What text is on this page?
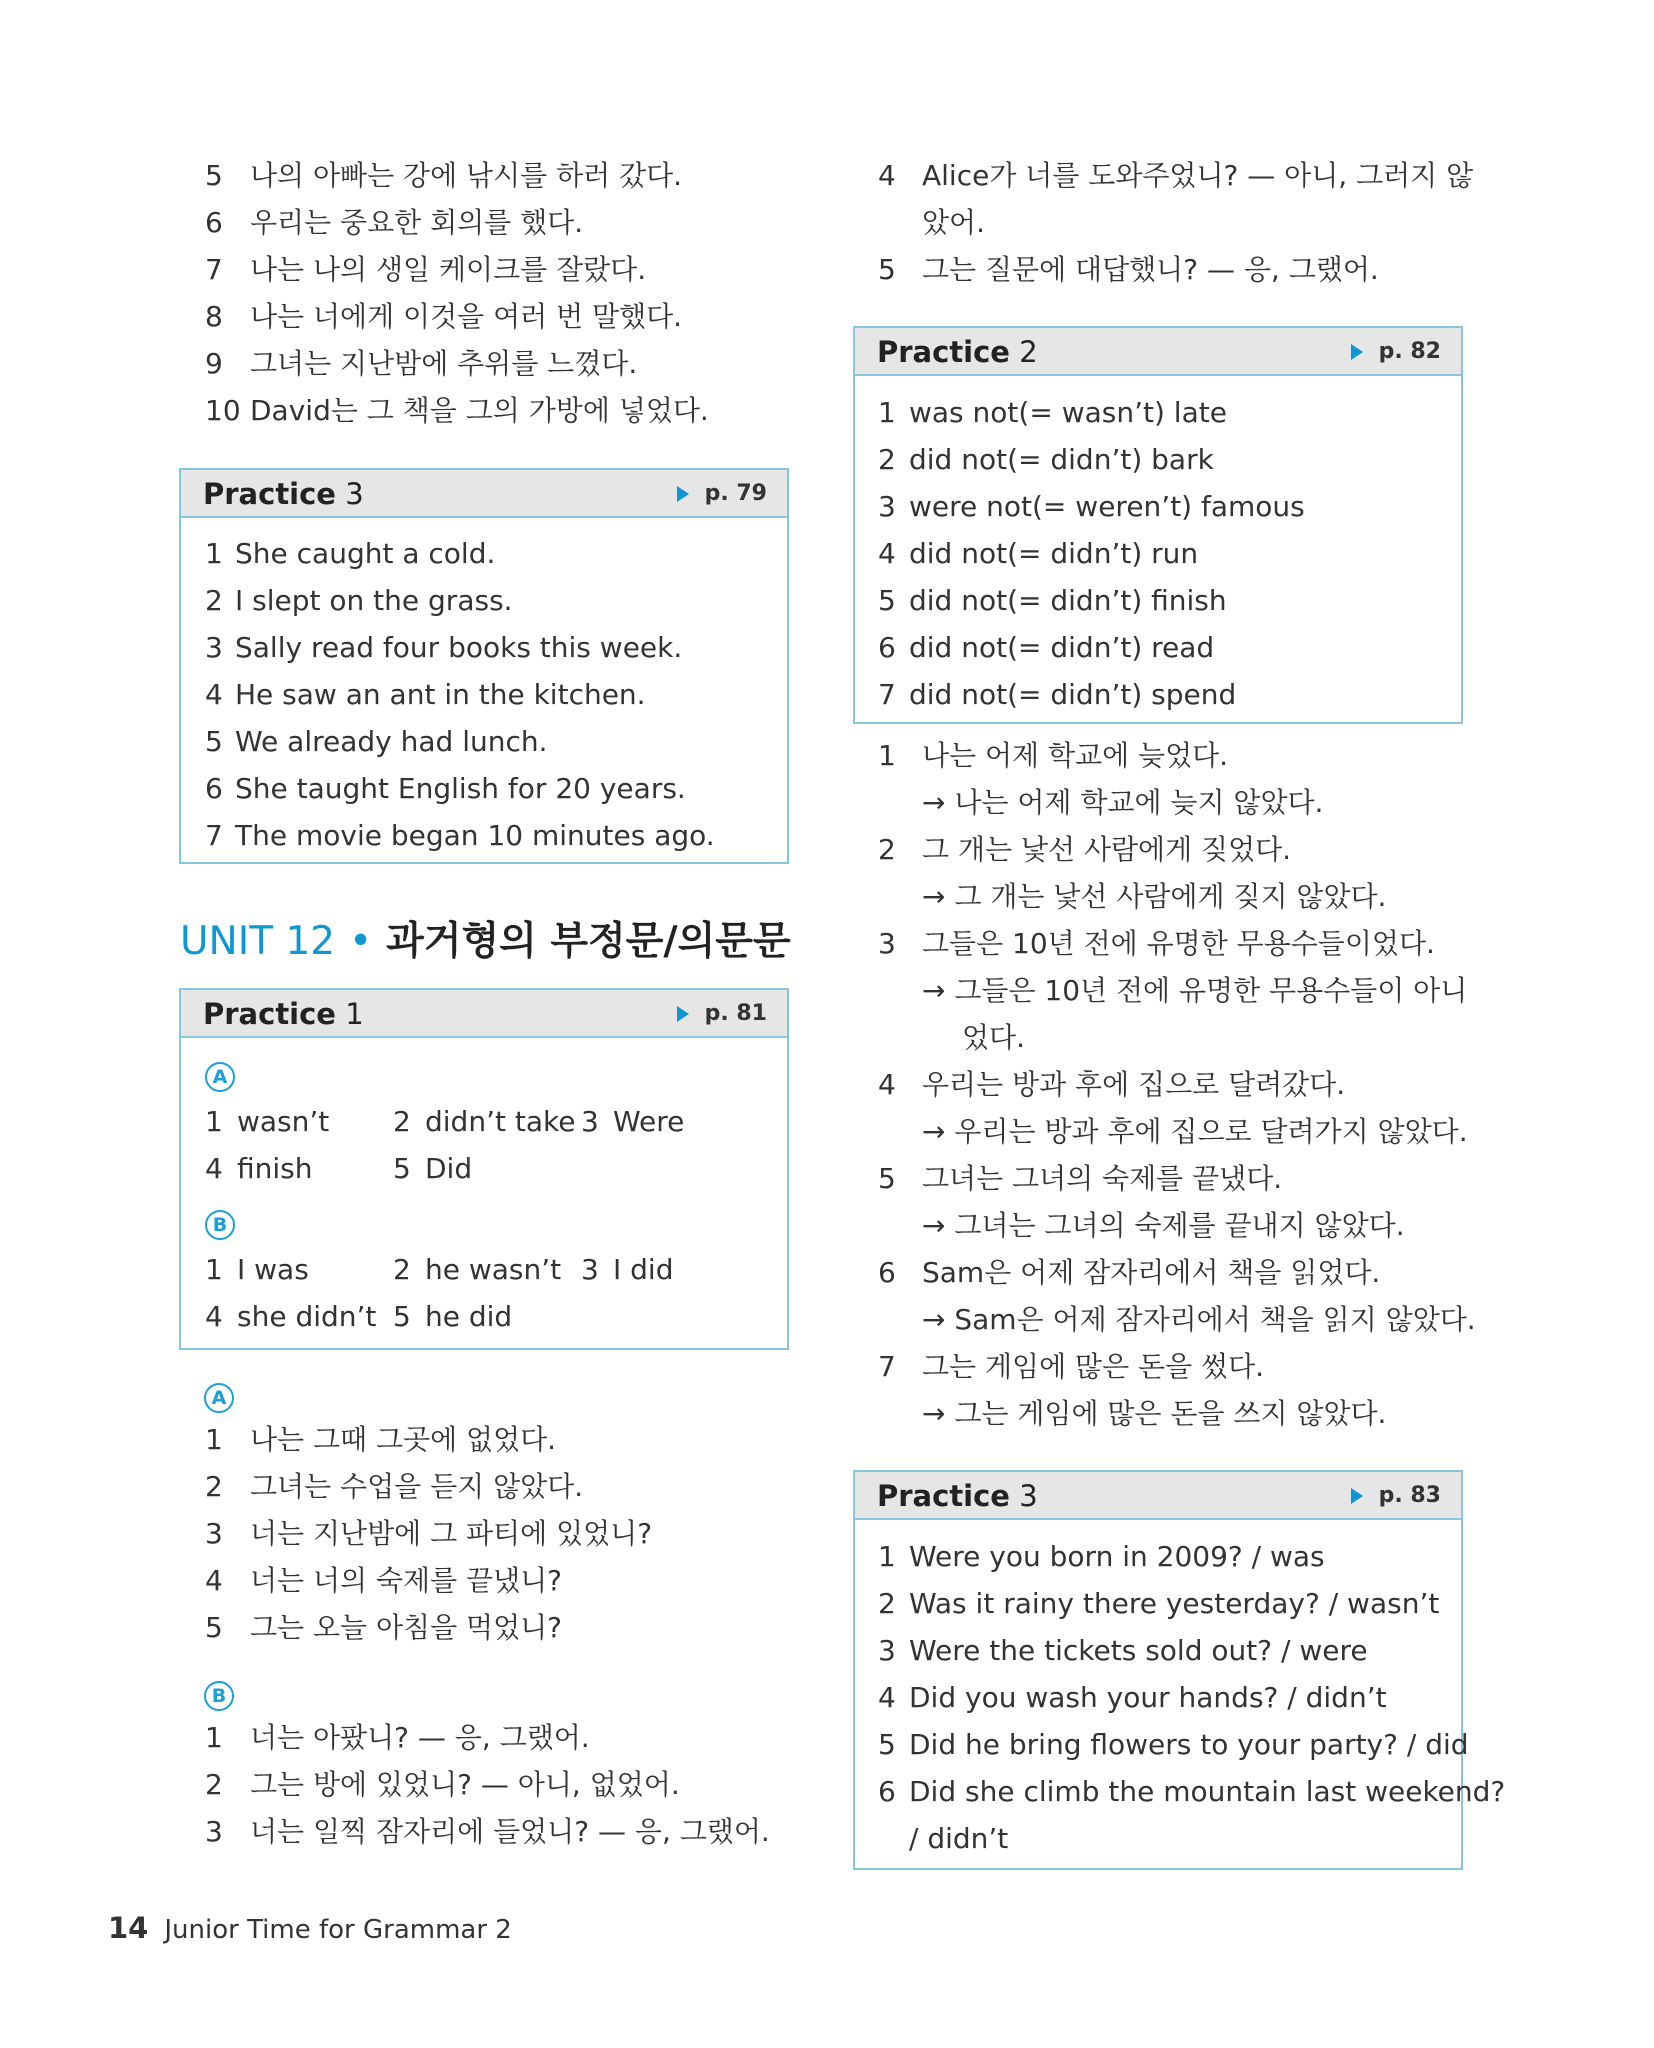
5 나의 아빠는 강에 낚시를 하러 갔다.
6 우리는 중요한 회의를 했다.
7 나는 나의 생일 케이크를 잘랐다.
8 나는 너에게 이것을 여러 번 말했다.
9 그녀는 지난밤에 추위를 느꼈다.
10 David는 그 책을 그의 가방에 넣었다.
Practice 3	p. 79
1 She caught a cold.
2 I slept on the grass.
3 Sally read four books this week.
4 He saw an ant in the kitchen.
5 We already had lunch.
6 She taught English for 20 years.
7 The movie began 10 minutes ago.
UNIT 12 • 과거형의 부정문/의문문
Practice 1	p. 81
A
1 wasn’t 2 didn’t take 3 Were
4 finish	5 Did
B
1 I was	2 he wasn’t 3 I did
4 she didn’t 5 he did
A
1 나는 그때 그곳에 없었다.
2 그녀는 수업을 듣지 않았다.
3 너는 지난밤에 그 파티에 있었니?
4 너는 너의 숙제를 끝냈니?
5 그는 오늘 아침을 먹었니?
B
1 너는 아팠니? — 응, 그랬어.
2 그는 방에 있었니? — 아니, 없었어.
3 너는 일찍 잠자리에 들었니? — 응, 그랬어.
4 Alice가 너를 도와주었니? — 아니, 그러지 않
았어.
5 그는 질문에 대답했니? — 응, 그랬어.
Practice 2	p. 82
1 was not(= wasn’t) late
2 did not(= didn’t) bark
3 were not(= weren’t) famous
4 did not(= didn’t) run
5 did not(= didn’t) finish
6 did not(= didn’t) read
7 did not(= didn’t) spend
1 나는 어제 학교에 늦었다.
→ 나는 어제 학교에 늦지 않았다.
2 그 개는 낯선 사람에게 짖었다.
→ 그 개는 낯선 사람에게 짖지 않았다.
3 그들은 10년 전에 유명한 무용수들이었다.
→ 그들은 10년 전에 유명한 무용수들이 아니
었다.
4 우리는 방과 후에 집으로 달려갔다.
→ 우리는 방과 후에 집으로 달려가지 않았다.
5 그녀는 그녀의 숙제를 끝냈다.
→ 그녀는 그녀의 숙제를 끝내지 않았다.
6 Sam은 어제 잠자리에서 책을 읽었다.
→ Sam은 어제 잠자리에서 책을 읽지 않았다.
7 그는 게임에 많은 돈을 썼다.
→ 그는 게임에 많은 돈을 쓰지 않았다.
Practice 3	p. 83
1 Were you born in 2009? / was
2 Was it rainy there yesterday? / wasn’t
3 Were the tickets sold out? / were
4 Did you wash your hands? / didn’t
5 Did he bring flowers to your party? / did
6 Did she climb the mountain last weekend?
/ didn’t
14 Junior Time for Grammar 2
